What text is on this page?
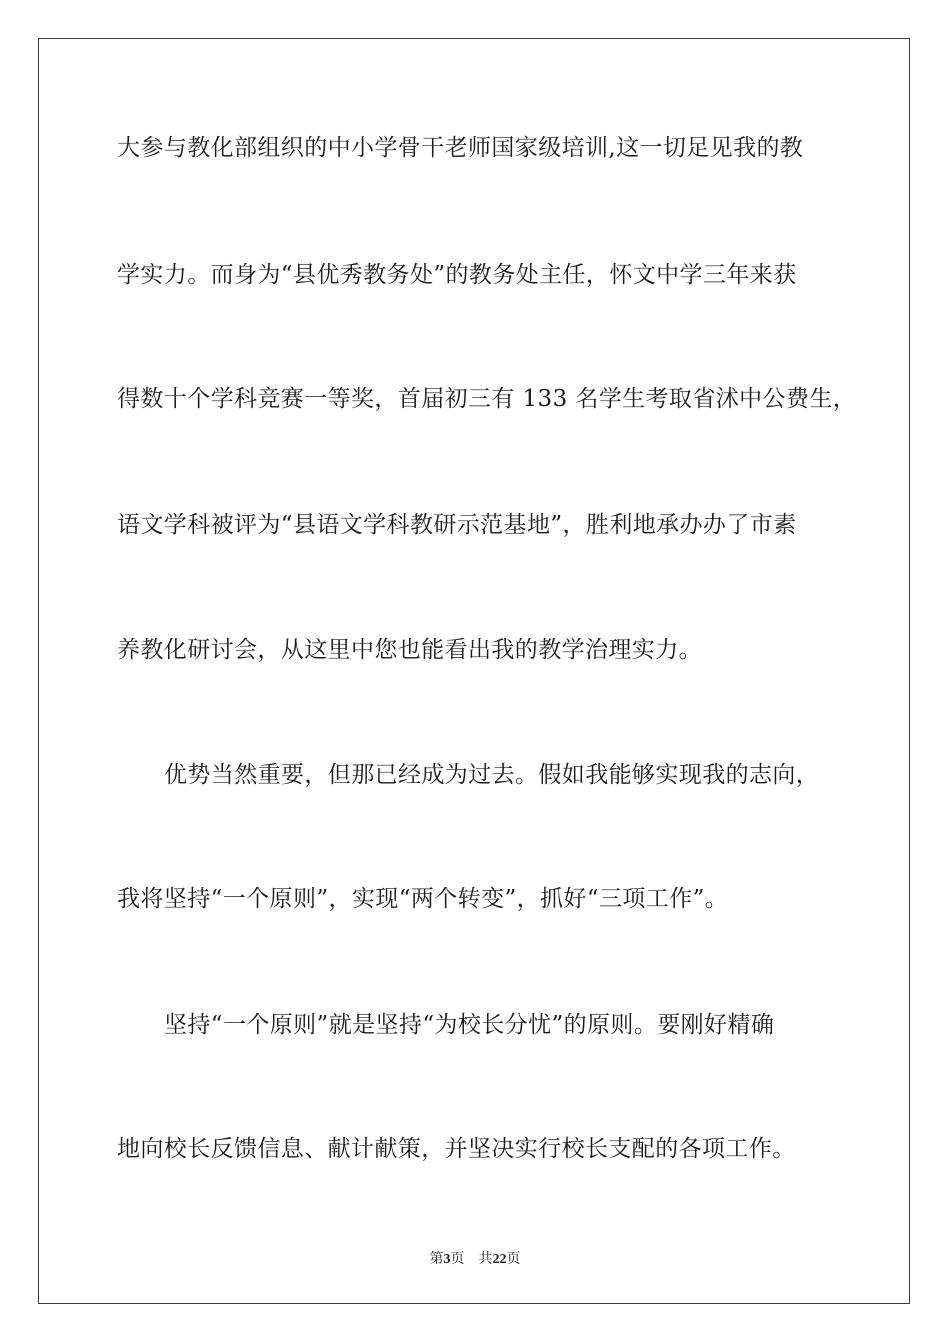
大参与教化部组织的中小学骨干老师国家级培训,这一切足见我的教
学实力。而身为“县优秀教务处”的教务处主任，怀文中学三年来获
得数十个学科竞赛一等奖，首届初三有 133 名学生考取省沭中公费生，
语文学科被评为“县语文学科教研示范基地”，胜利地承办办了市素
养教化研讨会，从这里中您也能看出我的教学治理实力。
优势当然重要，但那已经成为过去。假如我能够实现我的志向，
我将坚持“一个原则”，实现“两个转变”，抓好“三项工作”。
坚持“一个原则”就是坚持“为校长分忧”的原则。要刚好精确
地向校长反馈信息、献计献策，并坚决实行校长支配的各项工作。
第3页 共22页
